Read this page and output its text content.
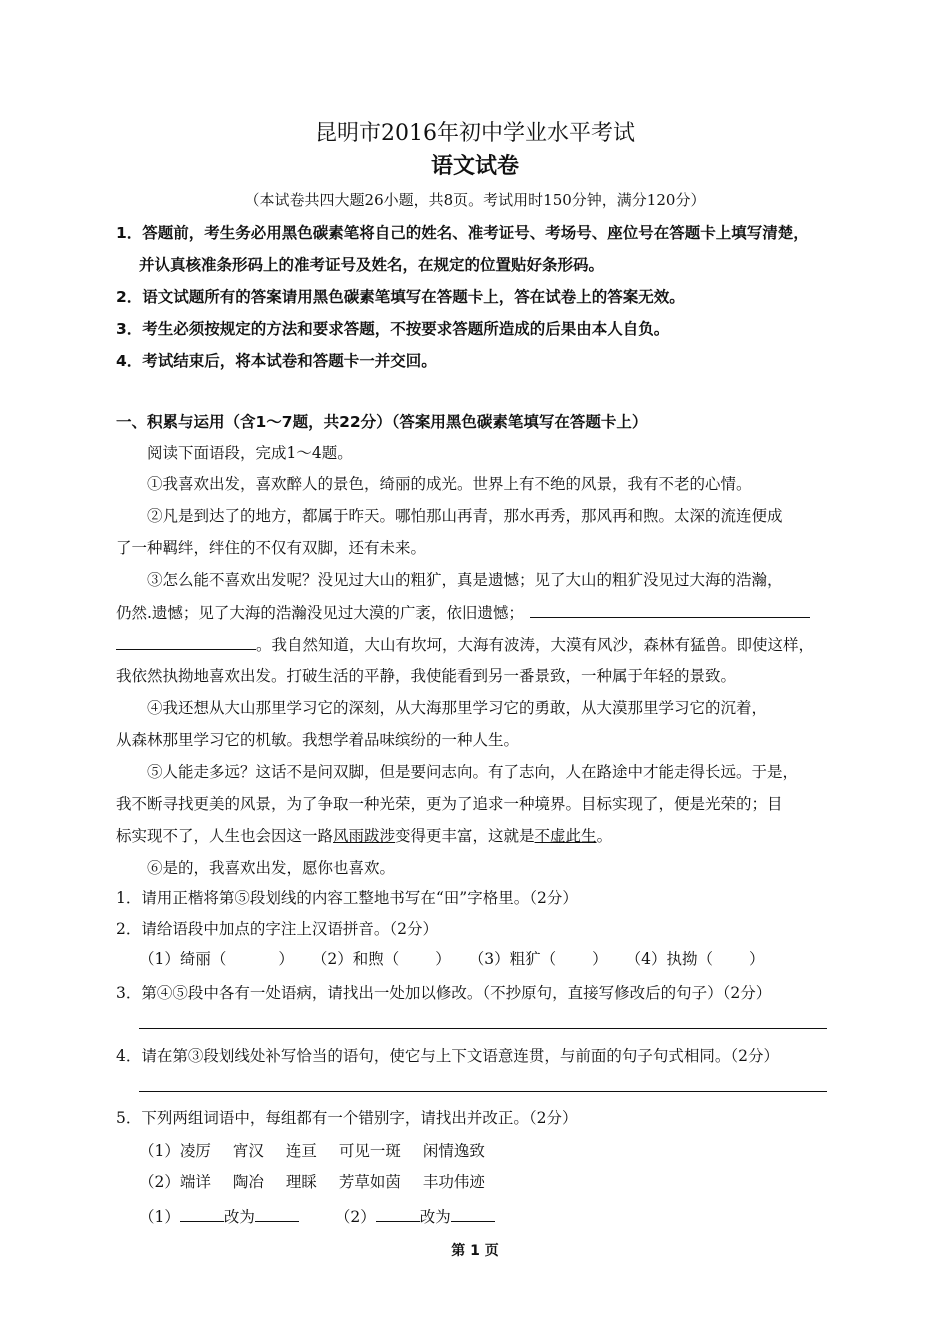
昆明市2016年初中学业水平考试
语文试卷
（本试卷共四大题26小题，共8页。考试用时150分钟，满分120分）
1．答题前，考生务必用黑色碳素笔将自己的姓名、准考证号、考场号、座位号在答题卡上填写清楚，
并认真核准条形码上的准考证号及姓名，在规定的位置贴好条形码。
2．语文试题所有的答案请用黑色碳素笔填写在答题卡上，答在试卷上的答案无效。
3．考生必须按规定的方法和要求答题，不按要求答题所造成的后果由本人自负。
4．考试结束后，将本试卷和答题卡一并交回。
一、积累与运用（含1～7题，共22分）（答案用黑色碳素笔填写在答题卡上）
阅读下面语段，完成1～4题。
①我喜欢出发，喜欢醉人的景色，绮丽的成光。世界上有不绝的风景，我有不老的心情。
②凡是到达了的地方，都属于昨天。哪怕那山再青，那水再秀，那风再和煦。太深的流连便成
了一种羁绊，绊住的不仅有双脚，还有未来。
③怎么能不喜欢出发呢？没见过大山的粗犷，真是遗憾；见了大山的粗犷没见过大海的浩瀚，
仍然.遗憾；见了大海的浩瀚没见过大漠的广袤，依旧遗憾；
。我自然知道，大山有坎坷，大海有波涛，大漠有风沙，森林有猛兽。即使这样，
我依然执拗地喜欢出发。打破生活的平静，我使能看到另一番景致，一种属于年轻的景致。
④我还想从大山那里学习它的深刻，从大海那里学习它的勇敢，从大漠那里学习它的沉着，
从森林那里学习它的机敏。我想学着品味缤纷的一种人生。
⑤人能走多远？这话不是问双脚，但是要问志向。有了志向，人在路途中才能走得长远。于是，
我不断寻找更美的风景，为了争取一种光荣，更为了追求一种境界。目标实现了，便是光荣的；目
标实现不了，人生也会因这一路风雨跋涉变得更丰富，这就是不虚此生。
⑥是的，我喜欢出发，愿你也喜欢。
1．请用正楷将第⑤段划线的内容工整地书写在“田”字格里。（2分）
2．请给语段中加点的字注上汉语拼音。（2分）
（1）绮丽（	） （2）和煦（ ） （3）粗犷（ ） （4）执拗（ ）
3．第④⑤段中各有一处语病，请找出一处加以修改。（不抄原句，直接写修改后的句子）（2分）
4．请在第③段划线处补写恰当的语句，使它与上下文语意连贯，与前面的句子句式相同。（2分）
5．下列两组词语中，每组都有一个错别字，请找出并改正。（2分）
（1）凌厉 宵汉 连亘 可见一斑 闲情逸致
（2）端详 陶冶 理睬 芳草如茵 丰功伟迹
（1）	改为	（2）	改为
第 1 页
